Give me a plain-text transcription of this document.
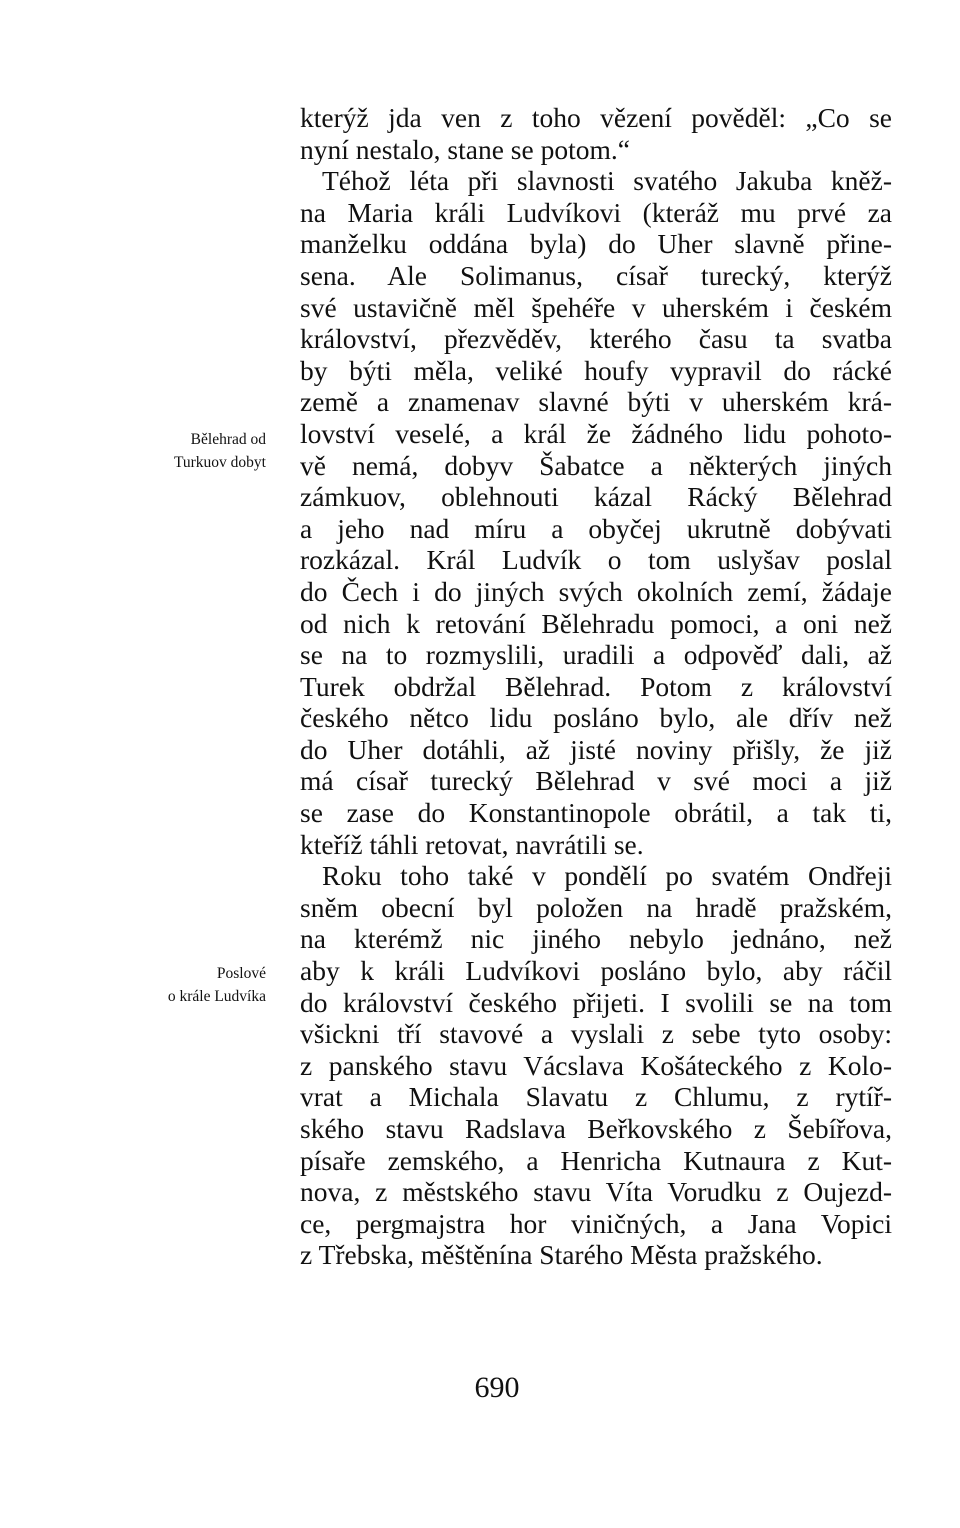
kterýž jda ven z toho vězení pověděl: „Co se
nyní nestalo, stane se potom.“
Téhož léta při slavnosti svatého Jakuba kněž-
na Maria králi Ludvíkovi (kteráž mu prvé za
manželku oddána byla) do Uher slavně přine-
sena. Ale Solimanus, císař turecký, kterýž
své ustavičně měl špehéře v uherském i českém
království, přezvěděv, kterého času ta svatba
by býti měla, veliké houfy vypravil do rácké
země a znamenav slavné býti v uherském krá-
lovství veselé, a král že žádného lidu pohoto-
vě nemá, dobyv Šabatce a některých jiných
zámkuov, oblehnouti kázal Rácký Bělehrad
a jeho nad míru a obyčej ukrutně dobývati
rozkázal. Král Ludvík o tom uslyšav poslal
do Čech i do jiných svých okolních zemí, žádaje
od nich k retování Bělehradu pomoci, a oni než
se na to rozmyslili, uradili a odpověď dali, až
Turek obdržal Bělehrad. Potom z království
českého nětco lidu posláno bylo, ale dřív než
do Uher dotáhli, až jisté noviny přišly, že již
má císař turecký Bělehrad v své moci a již
se zase do Konstantinopole obrátil, a tak ti,
kteříž táhli retovat, navrátili se.
Roku toho také v pondělí po svatém Ondřeji
sněm obecní byl položen na hradě pražském,
na kterémž nic jiného nebylo jednáno, než
aby k králi Ludvíkovi posláno bylo, aby ráčil
do království českého přijeti. I svolili se na tom
všickni tří stavové a vyslali z sebe tyto osoby:
z panského stavu Vácslava Košáteckého z Kolo-
vrat a Michala Slavatu z Chlumu, z rytíř-
ského stavu Radslava Beřkovského z Šebířova,
písaře zemského, a Henricha Kutnaura z Kut-
nova, z městského stavu Víta Vorudku z Oujezd-
ce, pergmajstra hor viničných, a Jana Vopici
z Třebska, měštěnína Starého Města pražského.
Bělehrad od
Turkuov dobyt
Poslové
o krále Ludvíka
690
